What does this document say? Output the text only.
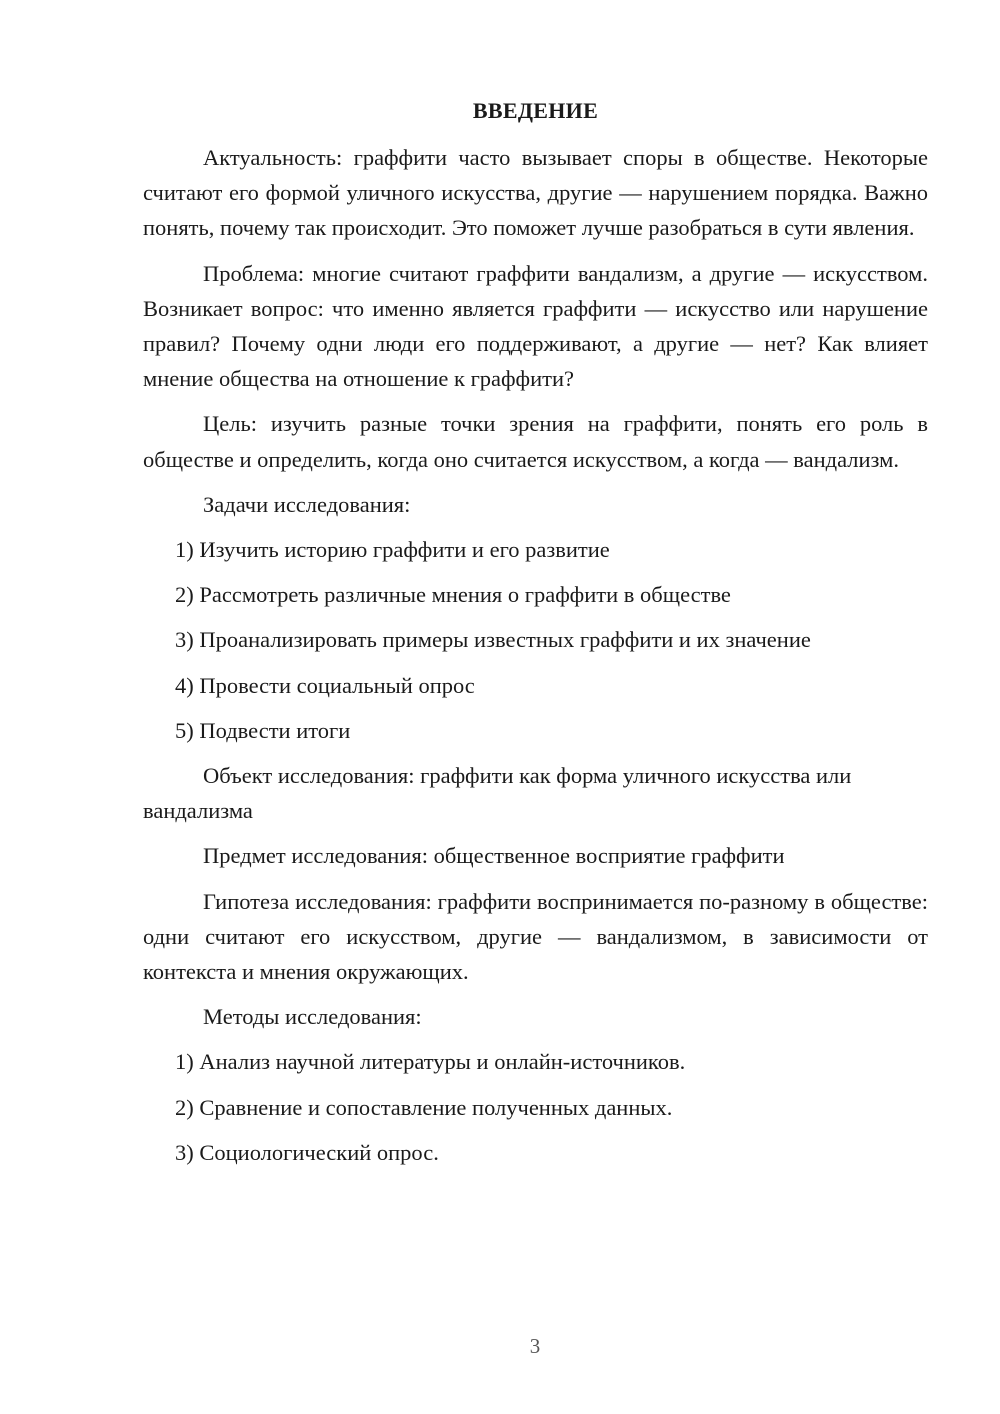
ВВЕДЕНИЕ

Актуальность: граффити часто вызывает споры в обществе. Некоторые считают его формой уличного искусства, другие — нарушением порядка. Важно понять, почему так происходит. Это поможет лучше разобраться в сути явления.

Проблема: многие считают граффити вандализм, а другие — искусством. Возникает вопрос: что именно является граффити — искусство или нарушение правил? Почему одни люди его поддерживают, а другие — нет? Как влияет мнение общества на отношение к граффити?

Цель: изучить разные точки зрения на граффити, понять его роль в обществе и определить, когда оно считается искусством, а когда — вандализм.

Задачи исследования:

1) Изучить историю граффити и его развитие

2) Рассмотреть различные мнения о граффити в обществе

3) Проанализировать примеры известных граффити и их значение

4) Провести социальный опрос

5) Подвести итоги

Объект исследования: граффити как форма уличного искусства или вандализма

Предмет исследования: общественное восприятие граффити

Гипотеза исследования: граффити воспринимается по-разному в обществе: одни считают его искусством, другие — вандализмом, в зависимости от контекста и мнения окружающих.

Методы исследования:

1) Анализ научной литературы и онлайн-источников.

2) Сравнение и сопоставление полученных данных.

3) Социологический опрос.

3
